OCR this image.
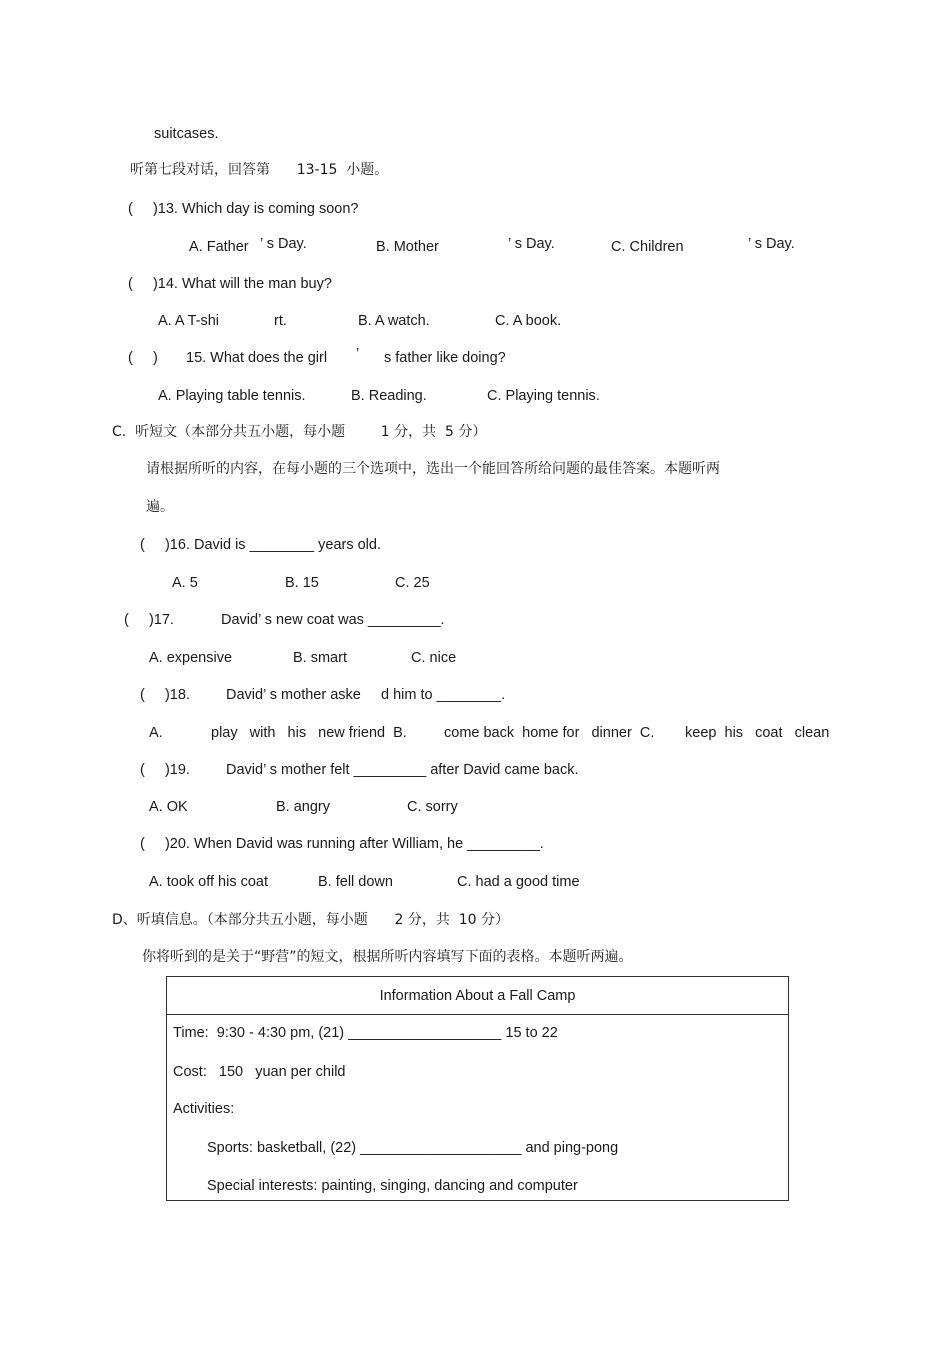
suitcases.
听第七段对话，回答第      13-15  小题。
(     )13. Which day is coming soon?
A. Father ’ s Day.	B. Mother	’ s Day.	C. Children	’ s Day.
(     )14. What will the man buy?
A. A T-shi	rt.	B. A watch.	C. A book.
(     )       15. What does the girl ’ s father like doing?
A. Playing table tennis.	B. Reading.	C. Playing tennis.
C.  听短文（本部分共五小题，每小题        1 分，共  5 分）
请根据所听的内容，在每小题的三个选项中，选出一个能回答所给问题的最佳答案。本题听两
遍。
(     )16. David is ________ years old.
A. 5	B. 15	C. 25
(     )17.	David’ s new coat was _________.
A. expensive	B. smart	C. nice
(     )18. David’ s mother aske     d him to ________.
A.	play   with   his   new friend  B.	come back  home for   dinner  C. keep  his   coat   clean
(     )19. David’ s mother felt _________ after David came back.
A. OK	B. angry	C. sorry
(     )20. When David was running after William, he _________.
A. took off his coat	B. fell down	C. had a good time
D、听填信息。（本部分共五小题，每小题      2 分，共  10 分）
你将听到的是关于“野营”的短文，根据所听内容填写下面的表格。本题听两遍。
Information About a Fall Camp
Time:  9:30 - 4:30 pm, (21) ___________________ 15 to 22
Cost:   150   yuan per child
Activities:
Sports: basketball, (22) ____________________ and ping-pong
Special interests: painting, singing, dancing and computer
